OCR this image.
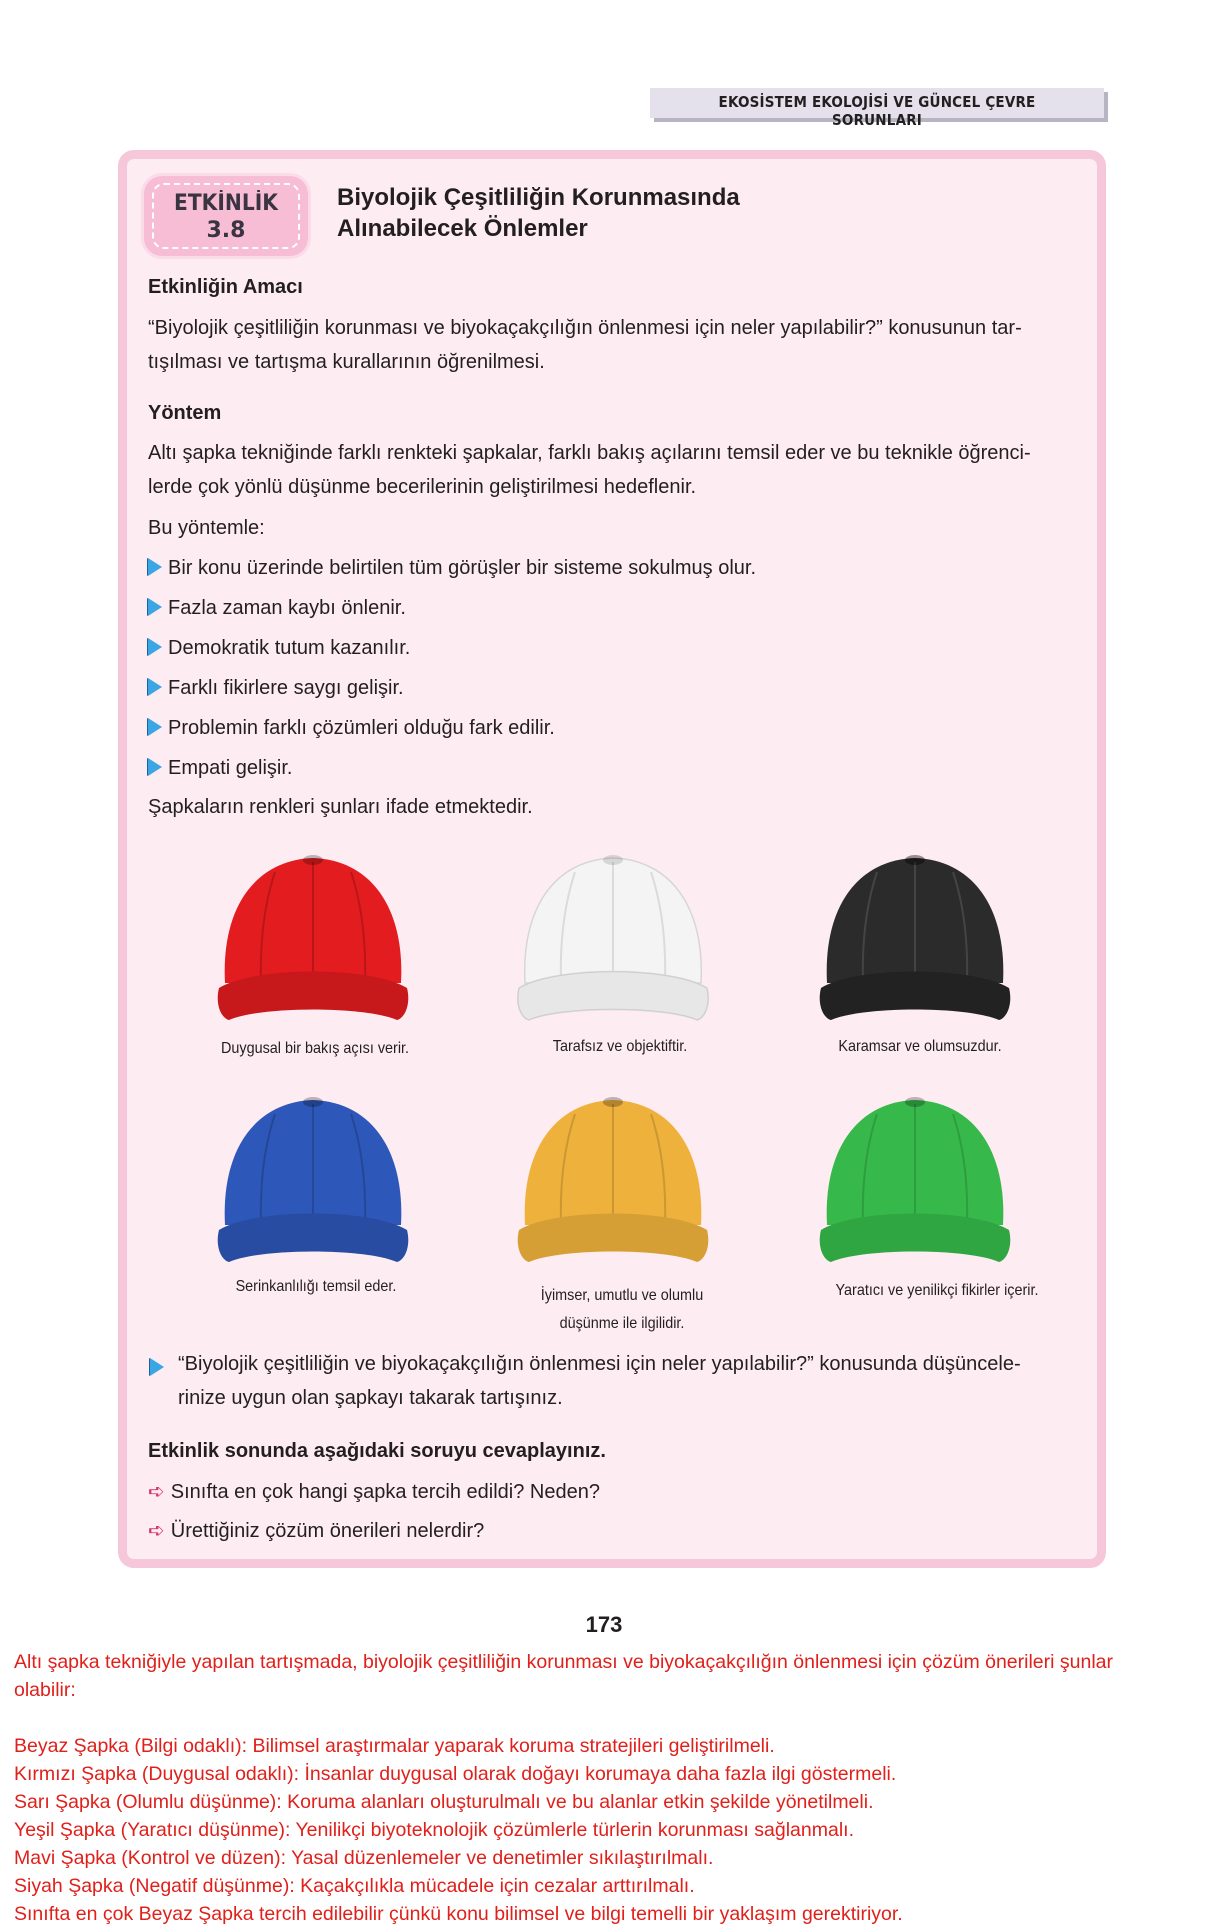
EKOSİSTEM EKOLOJİSİ VE GÜNCEL ÇEVRE SORUNLARI
ETKİNLİK
3.8
Biyolojik Çeşitliliğin Korunmasında
Alınabilecek Önlemler
Etkinliğin Amacı
“Biyolojik çeşitliliğin korunması ve biyokaçakçılığın önlenmesi için neler yapılabilir?” konusunun tar-
tışılması ve tartışma kurallarının öğrenilmesi.
Yöntem
Altı şapka tekniğinde farklı renkteki şapkalar, farklı bakış açılarını temsil eder ve bu teknikle öğrenci-
lerde çok yönlü düşünme becerilerinin geliştirilmesi hedeflenir.
Bu yöntemle:
Bir konu üzerinde belirtilen tüm görüşler bir sisteme sokulmuş olur.
Fazla zaman kaybı önlenir.
Demokratik tutum kazanılır.
Farklı fikirlere saygı gelişir.
Problemin farklı çözümleri olduğu fark edilir.
Empati gelişir.
Şapkaların renkleri şunları ifade etmektedir.
Duygusal bir bakış açısı verir.	Tarafsız ve objektiftir.	Karamsar ve olumsuzdur.
Serinkanlılığı temsil eder.
İyimser, umutlu ve olumlu
düşünme ile ilgilidir.
Yaratıcı ve yenilikçi fikirler içerir.
“Biyolojik çeşitliliğin ve biyokaçakçılığın önlenmesi için neler yapılabilir?” konusunda düşüncele-
rinize uygun olan şapkayı takarak tartışınız.
Etkinlik sonunda aşağıdaki soruyu cevaplayınız.
➪ Sınıfta en çok hangi şapka tercih edildi? Neden?
➪ Ürettiğiniz çözüm önerileri nelerdir?
173
Altı şapka tekniğiyle yapılan tartışmada, biyolojik çeşitliliğin korunması ve biyokaçakçılığın önlenmesi için çözüm önerileri şunlar
olabilir:
Beyaz Şapka (Bilgi odaklı): Bilimsel araştırmalar yaparak koruma stratejileri geliştirilmeli.
Kırmızı Şapka (Duygusal odaklı): İnsanlar duygusal olarak doğayı korumaya daha fazla ilgi göstermeli.
Sarı Şapka (Olumlu düşünme): Koruma alanları oluşturulmalı ve bu alanlar etkin şekilde yönetilmeli.
Yeşil Şapka (Yaratıcı düşünme): Yenilikçi biyoteknolojik çözümlerle türlerin korunması sağlanmalı.
Mavi Şapka (Kontrol ve düzen): Yasal düzenlemeler ve denetimler sıkılaştırılmalı.
Siyah Şapka (Negatif düşünme): Kaçakçılıkla mücadele için cezalar arttırılmalı.
Sınıfta en çok Beyaz Şapka tercih edilebilir çünkü konu bilimsel ve bilgi temelli bir yaklaşım gerektiriyor.
